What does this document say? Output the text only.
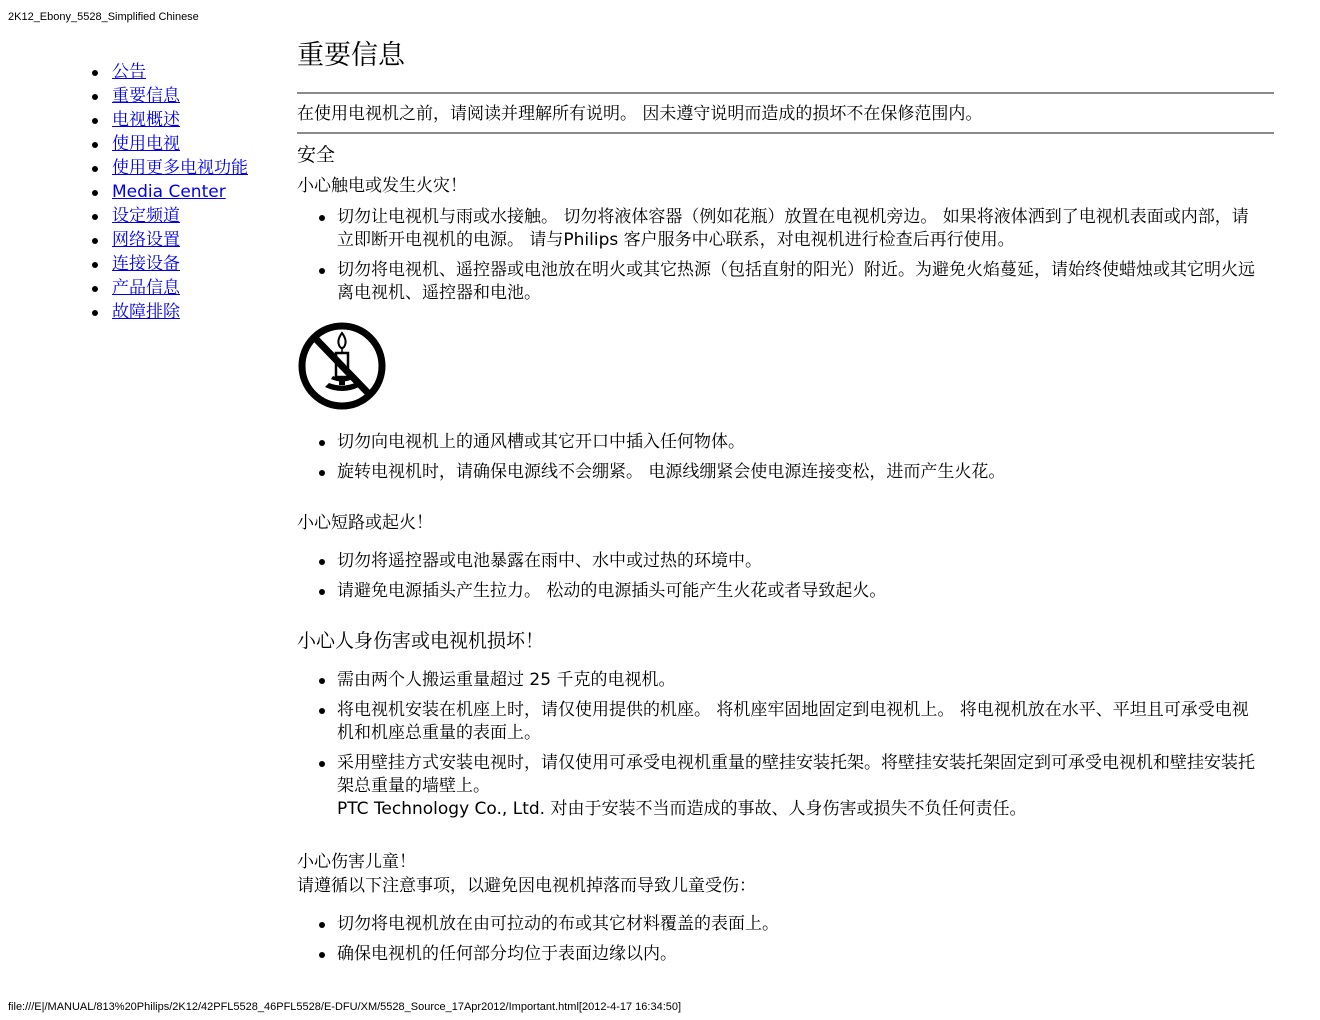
2K12_Ebony_5528_Simplified Chinese
公告
重要信息
电视概述
使用电视
使用更多电视功能
Media Center
设定频道
网络设置
连接设备
产品信息
故障排除
重要信息

在使用电视机之前，请阅读并理解所有说明。 因未遵守说明而造成的损坏不在保修范围内。

安全
小心触电或发生火灾！
切勿让电视机与雨或水接触。 切勿将液体容器（例如花瓶）放置在电视机旁边。 如果将液体洒到了电视机表面或内部，请立即断开电视机的电源。 请与Philips 客户服务中心联系，对电视机进行检查后再行使用。
切勿将电视机、遥控器或电池放在明火或其它热源（包括直射的阳光）附近。为避免火焰蔓延，请始终使蜡烛或其它明火远离电视机、遥控器和电池。
切勿向电视机上的通风槽或其它开口中插入任何物体。
旋转电视机时，请确保电源线不会绷紧。 电源线绷紧会使电源连接变松，进而产生火花。
小心短路或起火！
切勿将遥控器或电池暴露在雨中、水中或过热的环境中。
请避免电源插头产生拉力。 松动的电源插头可能产生火花或者导致起火。
小心人身伤害或电视机损坏！
需由两个人搬运重量超过 25 千克的电视机。
将电视机安装在机座上时，请仅使用提供的机座。 将机座牢固地固定到电视机上。 将电视机放在水平、平坦且可承受电视机和机座总重量的表面上。
采用壁挂方式安装电视时，请仅使用可承受电视机重量的壁挂安装托架。将壁挂安装托架固定到可承受电视机和壁挂安装托架总重量的墙壁上。
PTC Technology Co., Ltd. 对由于安装不当而造成的事故、人身伤害或损失不负任何责任。
小心伤害儿童！
请遵循以下注意事项，以避免因电视机掉落而导致儿童受伤：
切勿将电视机放在由可拉动的布或其它材料覆盖的表面上。
确保电视机的任何部分均位于表面边缘以内。
file:///E|/MANUAL/813%20Philips/2K12/42PFL5528_46PFL5528/E-DFU/XM/5528_Source_17Apr2012/Important.html[2012-4-17 16:34:50]
